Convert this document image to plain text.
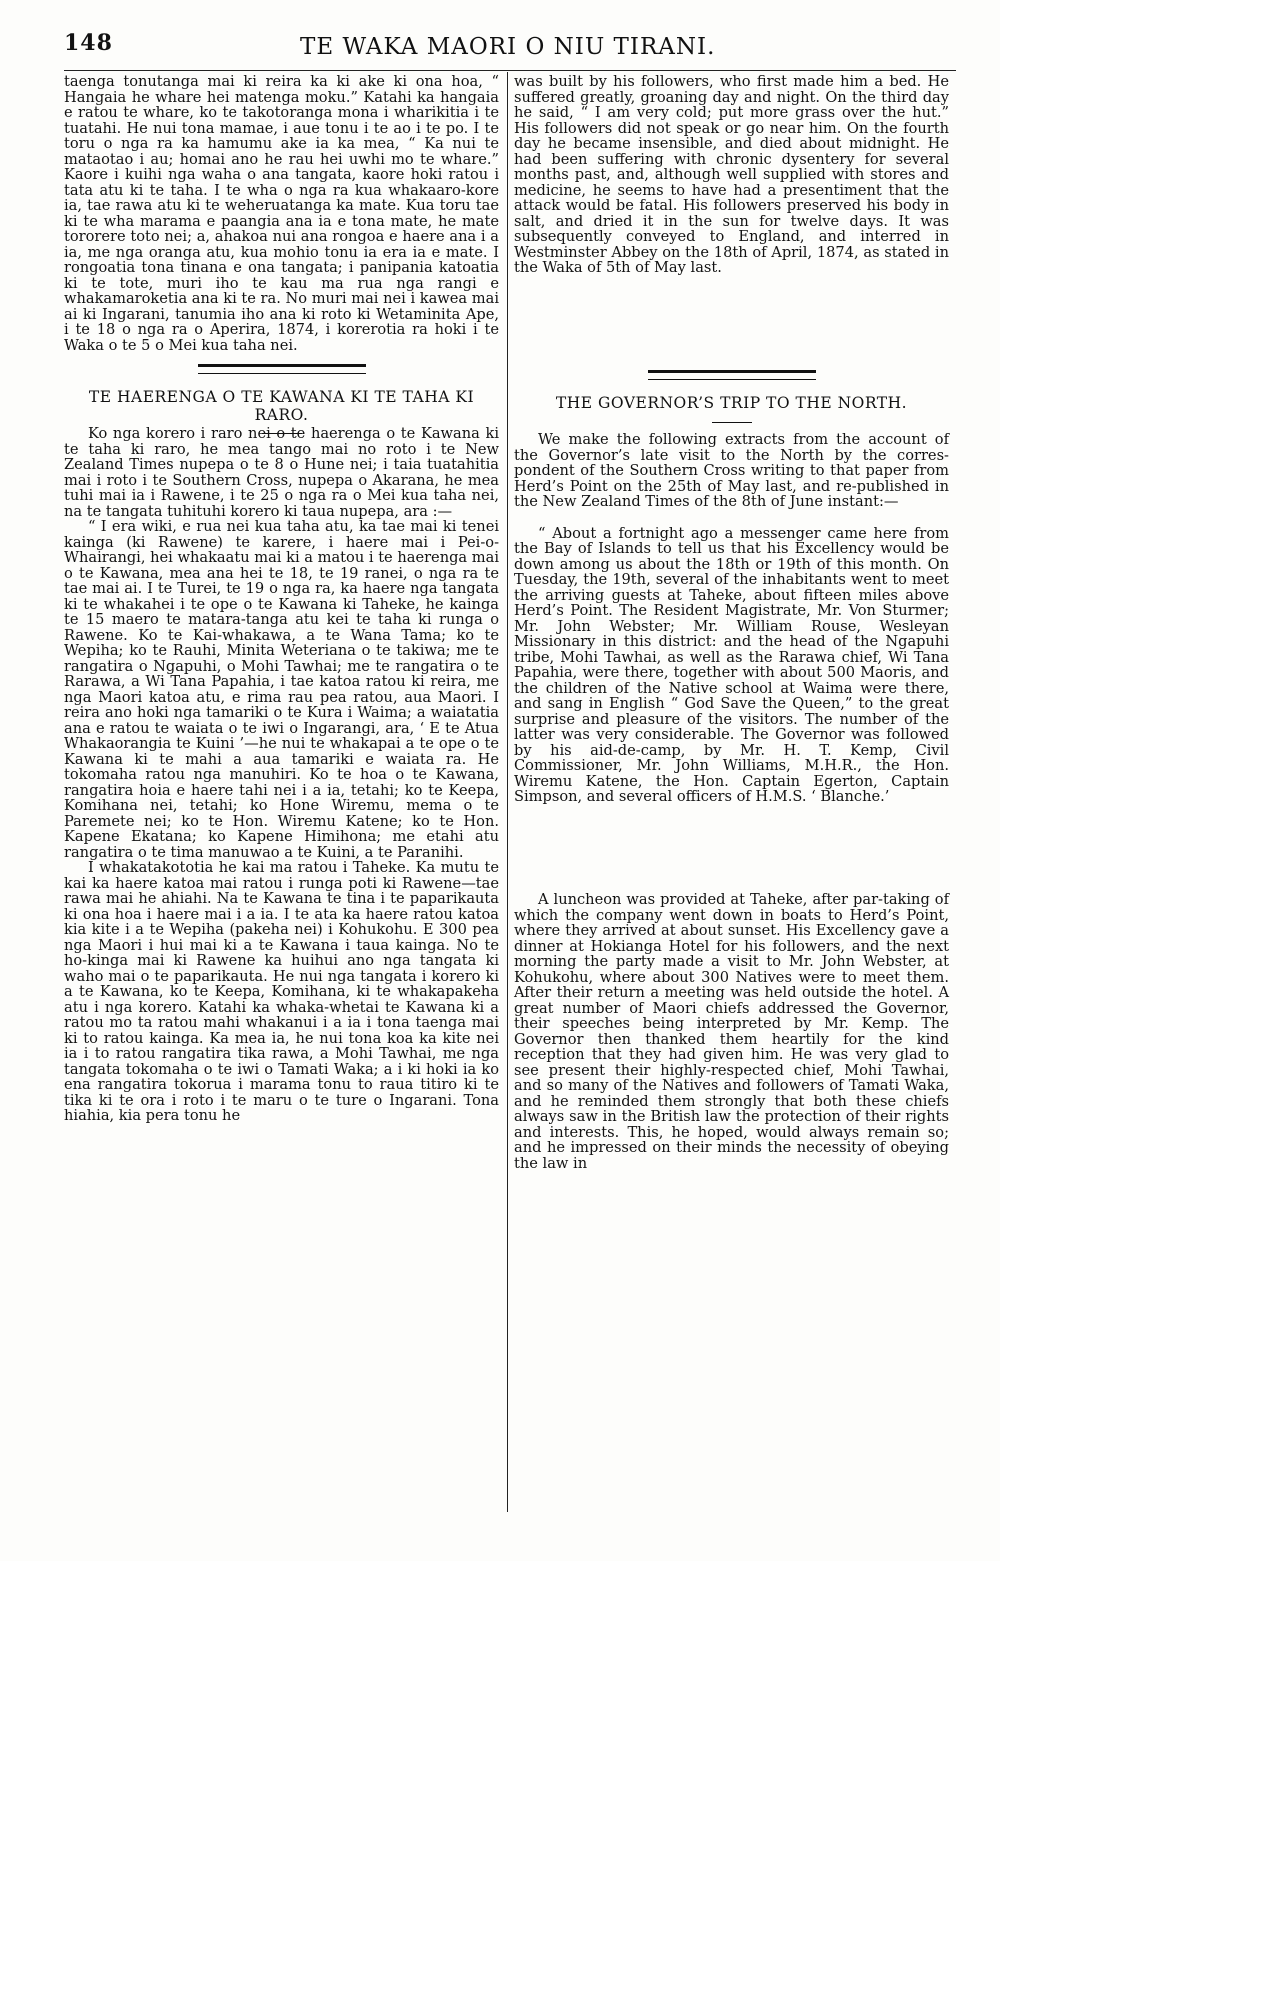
148	TE WAKA MAORI O NIU TIRANI.

taenga tonutanga mai ki reira ka ki ake ki ona hoa, “ Hangaia he whare hei matenga moku.” Katahi ka hangaia e ratou te whare, ko te takotoranga mona i wharikitia i te tuatahi. He nui tona mamae, i aue tonu i te ao i te po. I te toru o nga ra ka hamumu ake ia ka mea, “ Ka nui te mataotao i au; homai ano he rau hei uwhi mo te whare.” Kaore i kuihi nga waha o ana tangata, kaore hoki ratou i tata atu ki te taha. I te wha o nga ra kua whakaaro-kore ia, tae rawa atu ki te weheruatanga ka mate. Kua toru tae ki te wha marama e paangia ana ia e tona mate, he mate tororere toto nei; a, ahakoa nui ana rongoa e haere ana i a ia, me nga oranga atu, kua mohio tonu ia era ia e mate. I rongoatia tona tinana e ona tangata; i panipania katoatia ki te tote, muri iho te kau ma rua nga rangi e whakamaroketia ana ki te ra. No muri mai nei i kawea mai ai ki Ingarani, tanumia iho ana ki roto ki Wetaminita Ape, i te 18 o nga ra o Aperira, 1874, i korerotia ra hoki i te Waka o te 5 o Mei kua taha nei.

TE HAERENGA O TE KAWANA KI TE TAHA KI RARO.

Ko nga korero i raro nei o te haerenga o te Kawana ki te taha ki raro, he mea tango mai no roto i te New Zealand Times nupepa o te 8 o Hune nei; i taia tuatahitia mai i roto i te Southern Cross, nupepa o Akarana, he mea tuhi mai ia i Rawene, i te 25 o nga ra o Mei kua taha nei, na te tangata tuhituhi korero ki taua nupepa, ara :—

“ I era wiki, e rua nei kua taha atu, ka tae mai ki tenei kainga (ki Rawene) te karere, i haere mai i Pei-o-Whairangi, hei whakaatu mai ki a matou i te haerenga mai o te Kawana, mea ana hei te 18, te 19 ranei, o nga ra te tae mai ai. I te Turei, te 19 o nga ra, ka haere nga tangata ki te whakahei i te ope o te Kawana ki Taheke, he kainga te 15 maero te matara-tanga atu kei te taha ki runga o Rawene. Ko te Kai-whakawa, a te Wana Tama; ko te Wepiha; ko te Rauhi, Minita Weteriana o te takiwa; me te rangatira o Ngapuhi, o Mohi Tawhai; me te rangatira o te Rarawa, a Wi Tana Papahia, i tae katoa ratou ki reira, me nga Maori katoa atu, e rima rau pea ratou, aua Maori. I reira ano hoki nga tamariki o te Kura i Waima; a waiatatia ana e ratou te waiata o te iwi o Ingarangi, ara, ‘ E te Atua Whakaorangia te Kuini ’—he nui te whakapai a te ope o te Kawana ki te mahi a aua tamariki e waiata ra. He tokomaha ratou nga manuhiri. Ko te hoa o te Kawana, rangatira hoia e haere tahi nei i a ia, tetahi; ko te Keepa, Komihana nei, tetahi; ko Hone Wiremu, mema o te Paremete nei; ko te Hon. Wiremu Katene; ko te Hon. Kapene Ekatana; ko Kapene Himihona; me etahi atu rangatira o te tima manuwao a te Kuini, a te Paranihi.

I whakatakototia he kai ma ratou i Taheke. Ka mutu te kai ka haere katoa mai ratou i runga poti ki Rawene—tae rawa mai he ahiahi. Na te Kawana te tina i te paparikauta ki ona hoa i haere mai i a ia. I te ata ka haere ratou katoa kia kite i a te Wepiha (pakeha nei) i Kohukohu. E 300 pea nga Maori i hui mai ki a te Kawana i taua kainga. No te ho-kinga mai ki Rawene ka huihui ano nga tangata ki waho mai o te paparikauta. He nui nga tangata i korero ki a te Kawana, ko te Keepa, Komihana, ki te whakapakeha atu i nga korero. Katahi ka whaka-whetai te Kawana ki a ratou mo ta ratou mahi whakanui i a ia i tona taenga mai ki to ratou kainga. Ka mea ia, he nui tona koa ka kite nei ia i to ratou rangatira tika rawa, a Mohi Tawhai, me nga tangata tokomaha o te iwi o Tamati Waka; a i ki hoki ia ko ena rangatira tokorua i marama tonu to raua titiro ki te tika ki te ora i roto i te maru o te ture o Ingarani. Tona hiahia, kia pera tonu he

was built by his followers, who first made him a bed. He suffered greatly, groaning day and night. On the third day he said, “ I am very cold; put more grass over the hut.” His followers did not speak or go near him. On the fourth day he became insensible, and died about midnight. He had been suffering with chronic dysentery for several months past, and, although well supplied with stores and medicine, he seems to have had a presentiment that the attack would be fatal. His followers preserved his body in salt, and dried it in the sun for twelve days. It was subsequently conveyed to England, and interred in Westminster Abbey on the 18th of April, 1874, as stated in the Waka of 5th of May last.

THE GOVERNOR’S TRIP TO THE NORTH.

We make the following extracts from the account of the Governor’s late visit to the North by the corres-pondent of the Southern Cross writing to that paper from Herd’s Point on the 25th of May last, and re-published in the New Zealand Times of the 8th of June instant:—

“ About a fortnight ago a messenger came here from the Bay of Islands to tell us that his Excellency would be down among us about the 18th or 19th of this month. On Tuesday, the 19th, several of the inhabitants went to meet the arriving guests at Taheke, about fifteen miles above Herd’s Point. The Resident Magistrate, Mr. Von Sturmer; Mr. John Webster; Mr. William Rouse, Wesleyan Missionary in this district: and the head of the Ngapuhi tribe, Mohi Tawhai, as well as the Rarawa chief, Wi Tana Papahia, were there, together with about 500 Maoris, and the children of the Native school at Waima were there, and sang in English “ God Save the Queen,” to the great surprise and pleasure of the visitors. The number of the latter was very considerable. The Governor was followed by his aid-de-camp, by Mr. H. T. Kemp, Civil Commissioner, Mr. John Williams, M.H.R., the Hon. Wiremu Katene, the Hon. Captain Egerton, Captain Simpson, and several officers of H.M.S. ‘ Blanche.’

A luncheon was provided at Taheke, after par-taking of which the company went down in boats to Herd’s Point, where they arrived at about sunset. His Excellency gave a dinner at Hokianga Hotel for his followers, and the next morning the party made a visit to Mr. John Webster, at Kohukohu, where about 300 Natives were to meet them. After their return a meeting was held outside the hotel. A great number of Maori chiefs addressed the Governor, their speeches being interpreted by Mr. Kemp. The Governor then thanked them heartily for the kind reception that they had given him. He was very glad to see present their highly-respected chief, Mohi Tawhai, and so many of the Natives and followers of Tamati Waka, and he reminded them strongly that both these chiefs always saw in the British law the protection of their rights and interests. This, he hoped, would always remain so; and he impressed on their minds the necessity of obeying the law in
